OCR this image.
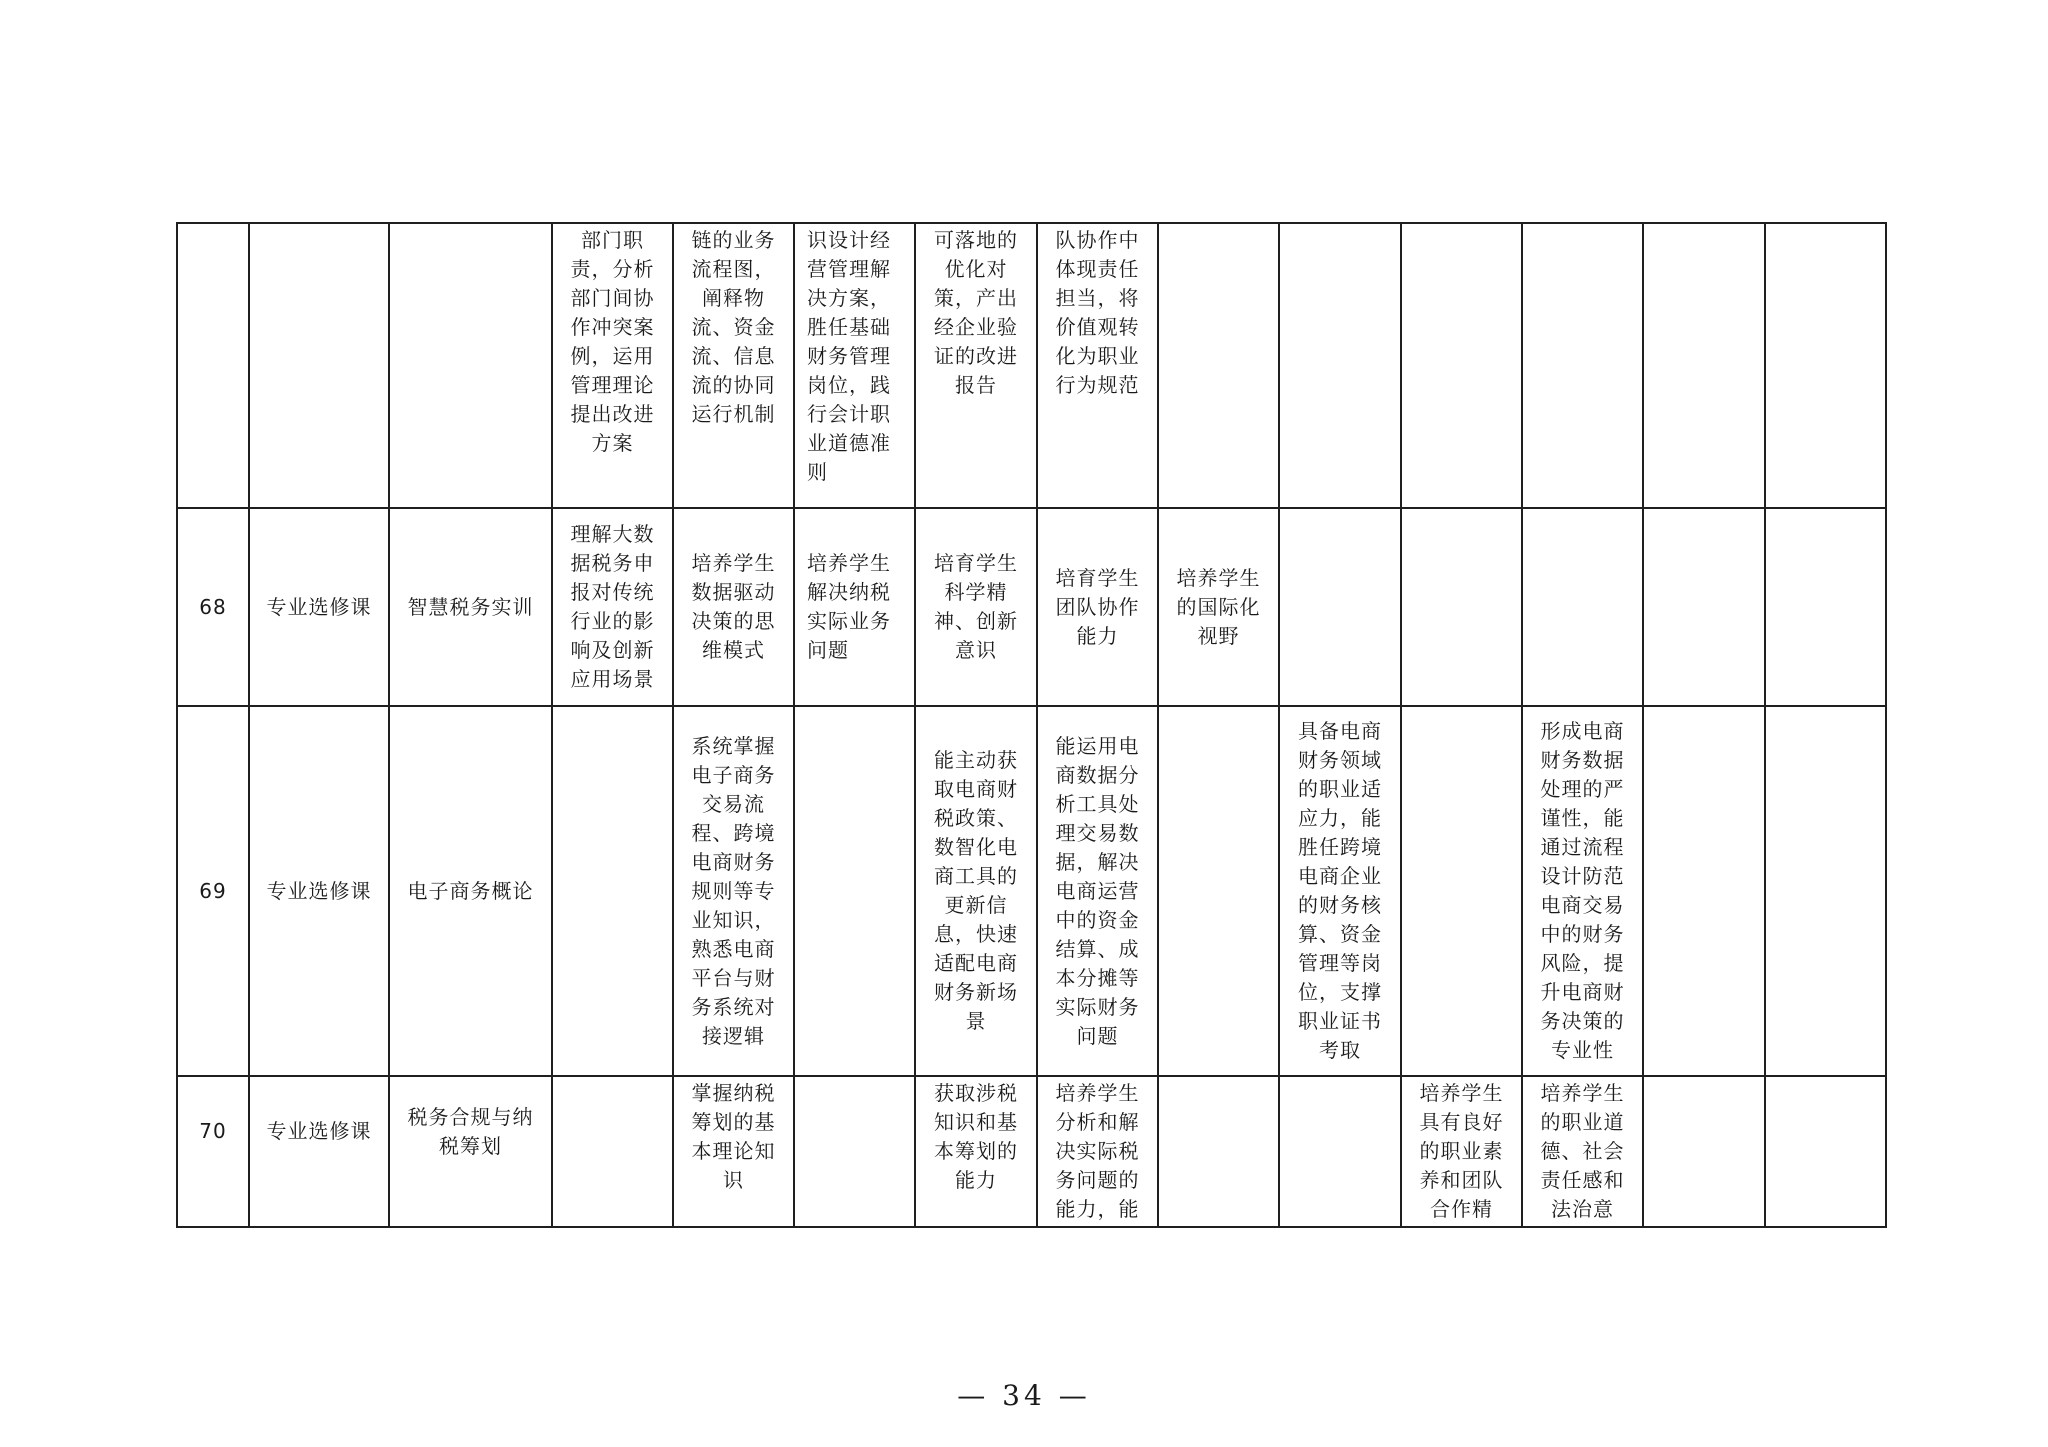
			部门职责，分析部门间协作冲突案例，运用管理理论提出改进方案	链的业务流程图，阐释物流、资金流、信息流的协同运行机制	识设计经营管理解决方案，胜任基础财务管理岗位，践行会计职业道德准则	可落地的优化对策，产出经企业验证的改进报告	队协作中体现责任担当，将价值观转化为职业行为规范						
68	专业选修课	智慧税务实训	理解大数据税务申报对传统行业的影响及创新应用场景	培养学生数据驱动决策的思维模式	培养学生解决纳税实际业务问题	培育学生科学精神、创新意识	培育学生团队协作能力	培养学生的国际化视野					
69	专业选修课	电子商务概论		系统掌握电子商务交易流程、跨境电商财务规则等专业知识，熟悉电商平台与财务系统对接逻辑		能主动获取电商财税政策、数智化电商工具的更新信息，快速适配电商财务新场景	能运用电商数据分析工具处理交易数据，解决电商运营中的资金结算、成本分摊等实际财务问题		具备电商财务领域的职业适应力，能胜任跨境电商企业的财务核算、资金管理等岗位，支撑职业证书考取		形成电商财务数据处理的严谨性，能通过流程设计防范电商交易中的财务风险，提升电商财务决策的专业性		
70	专业选修课	税务合规与纳税筹划		掌握纳税筹划的基本理论知识		获取涉税知识和基本筹划的能力	培养学生分析和解决实际税务问题的能力，能			培养学生具有良好的职业素养和团队合作精	培养学生的职业道德、社会责任感和法治意		
— 34 —
